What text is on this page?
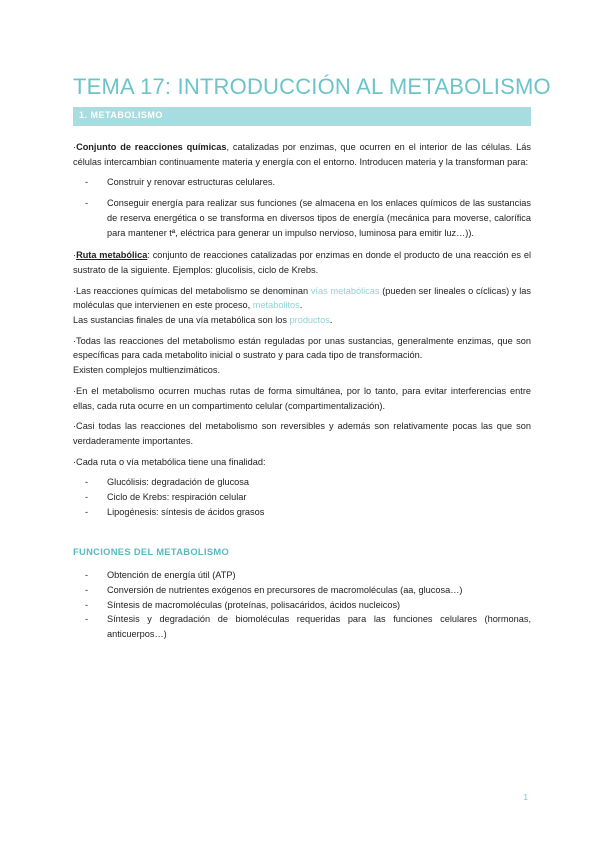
TEMA 17: INTRODUCCIÓN AL METABOLISMO
1. METABOLISMO

·Conjunto de reacciones químicas, catalizadas por enzimas, que ocurren en el interior de las células. Lás células intercambian continuamente materia y energía con el entorno. Introducen materia y la transforman para:

- Construir y renovar estructuras celulares.
- Conseguir energía para realizar sus funciones (se almacena en los enlaces químicos de las sustancias de reserva energética o se transforma en diversos tipos de energía (mecánica para moverse, calorífica para mantener tª, eléctrica para generar un impulso nervioso, luminosa para emitir luz…)).

·Ruta metabólica: conjunto de reacciones catalizadas por enzimas en donde el producto de una reacción es el sustrato de la siguiente. Ejemplos: glucolisis, ciclo de Krebs.

·Las reacciones químicas del metabolismo se denominan vías metabólicas (pueden ser lineales o cíclicas) y las moléculas que intervienen en este proceso, metabolitos.
Las sustancias finales de una vía metabólica son los productos.

·Todas las reacciones del metabolismo están reguladas por unas sustancias, generalmente enzimas, que son específicas para cada metabolito inicial o sustrato y para cada tipo de transformación.
Existen complejos multienzimáticos.

·En el metabolismo ocurren muchas rutas de forma simultánea, por lo tanto, para evitar interferencias entre ellas, cada ruta ocurre en un compartimento celular (compartimentalización).

·Casi todas las reacciones del metabolismo son reversibles y además son relativamente pocas las que son verdaderamente importantes.

·Cada ruta o vía metabólica tiene una finalidad:

- Glucólisis: degradación de glucosa
- Ciclo de Krebs: respiración celular
- Lipogénesis: síntesis de ácidos grasos
FUNCIONES DEL METABOLISMO
- Obtención de energía útil (ATP)
- Conversión de nutrientes exógenos en precursores de macromoléculas (aa, glucosa…)
- Síntesis de macromoléculas (proteínas, polisacáridos, ácidos nucleicos)
- Síntesis y degradación de biomoléculas requeridas para las funciones celulares (hormonas, anticuerpos…)
1
